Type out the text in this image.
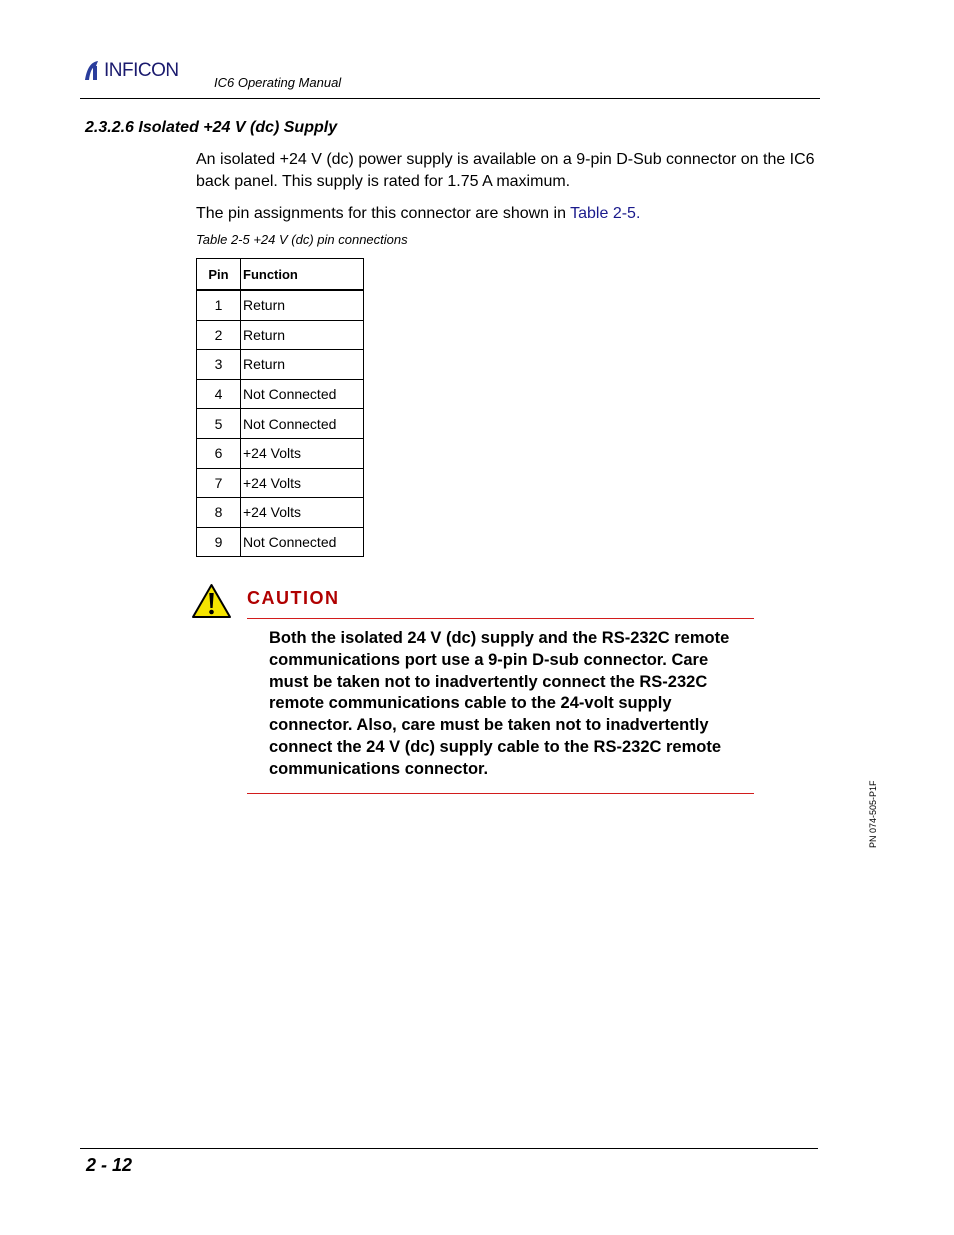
INFICON
IC6 Operating Manual
2.3.2.6 Isolated +24 V (dc) Supply
An isolated +24 V (dc) power supply is available on a 9-pin D-Sub connector on the IC6 back panel. This supply is rated for 1.75 A maximum.
The pin assignments for this connector are shown in Table 2-5.
Table 2-5 +24 V (dc) pin connections
Pin	Function
1	Return
2	Return
3	Return
4	Not Connected
5	Not Connected
6	+24 Volts
7	+24 Volts
8	+24 Volts
9	Not Connected
CAUTION
Both the isolated 24 V (dc) supply and the RS-232C remote communications port use a 9-pin D-sub connector. Care must be taken not to inadvertently connect the RS-232C remote communications cable to the 24-volt supply connector. Also, care must be taken not to inadvertently connect the 24 V (dc) supply cable to the RS-232C remote communications connector.
PN 074-505-P1F
2 - 12
